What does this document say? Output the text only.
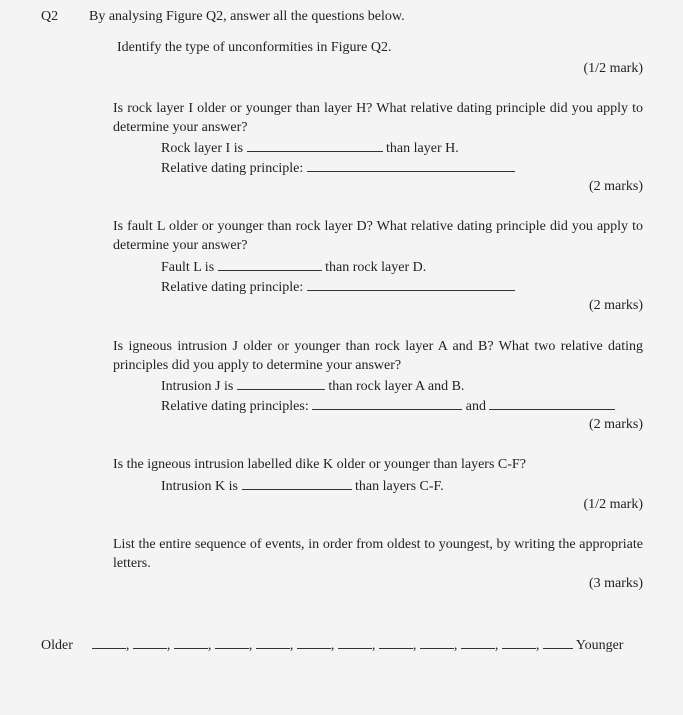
Q2 By analysing Figure Q2, answer all the questions below.
Identify the type of unconformities in Figure Q2.
(1/2 mark)
Is rock layer I older or younger than layer H? What relative dating principle did you apply to determine your answer?
Rock layer I is	than layer H.
Relative dating principle:
(2 marks)
Is fault L older or younger than rock layer D? What relative dating principle did you apply to determine your answer?
Fault L is	than rock layer D.
Relative dating principle:
(2 marks)
Is igneous intrusion J older or younger than rock layer A and B? What two relative dating principles did you apply to determine your answer?
Intrusion J is	than rock layer A and B.
Relative dating principles:	and
(2 marks)
Is the igneous intrusion labelled dike K older or younger than layers C-F?
Intrusion K is	than layers C-F.
(1/2 mark)
List the entire sequence of events, in order from oldest to youngest, by writing the appropriate letters.
(3 marks)
Older	,	,	,	,	,	,	,	,	,	,	,	Younger
